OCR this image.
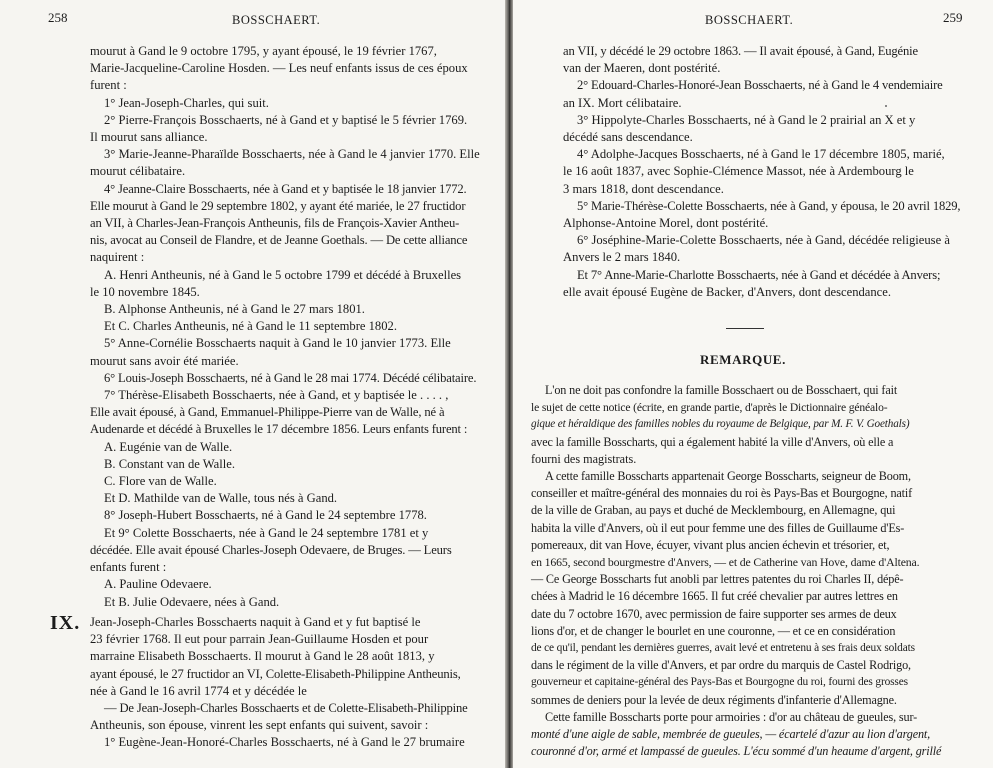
258	BOSSCHAERT.

mourut à Gand le 9 octobre 1795, y ayant épousé, le 19 février 1767,

Marie-Jacqueline-Caroline Hosden. — Les neuf enfants issus de ces époux

furent :

1° Jean-Joseph-Charles, qui suit.

2° Pierre-François Bosschaerts, né à Gand et y baptisé le 5 février 1769.

Il mourut sans alliance.

3° Marie-Jeanne-Pharaïlde Bosschaerts, née à Gand le 4 janvier 1770. Elle

mourut célibataire.

4° Jeanne-Claire Bosschaerts, née à Gand et y baptisée le 18 janvier 1772.

Elle mourut à Gand le 29 septembre 1802, y ayant été mariée, le 27 fructidor

an VII, à Charles-Jean-François Antheunis, fils de François-Xavier Antheu-

nis, avocat au Conseil de Flandre, et de Jeanne Goethals. — De cette alliance

naquirent :

A. Henri Antheunis, né à Gand le 5 octobre 1799 et décédé à Bruxelles

le 10 novembre 1845.

B. Alphonse Antheunis, né à Gand le 27 mars 1801.

Et C. Charles Antheunis, né à Gand le 11 septembre 1802.

5° Anne-Cornélie Bosschaerts naquit à Gand le 10 janvier 1773. Elle

mourut sans avoir été mariée.

6° Louis-Joseph Bosschaerts, né à Gand le 28 mai 1774. Décédé célibataire.

7° Thérèse-Elisabeth Bosschaerts, née à Gand, et y baptisée le . . . . ,

Elle avait épousé, à Gand, Emmanuel-Philippe-Pierre van de Walle, né à

Audenarde et décédé à Bruxelles le 17 décembre 1856. Leurs enfants furent :

A. Eugénie van de Walle.

B. Constant van de Walle.

C. Flore van de Walle.

Et D. Mathilde van de Walle, tous nés à Gand.

8° Joseph-Hubert Bosschaerts, né à Gand le 24 septembre 1778.

Et 9° Colette Bosschaerts, née à Gand le 24 septembre 1781 et y

décédée. Elle avait épousé Charles-Joseph Odevaere, de Bruges. — Leurs

enfants furent :

A. Pauline Odevaere.

Et B. Julie Odevaere, nées à Gand.

IX. Jean-Joseph-Charles Bosschaerts naquit à Gand et y fut baptisé le

23 février 1768. Il eut pour parrain Jean-Guillaume Hosden et pour

marraine Elisabeth Bosschaerts. Il mourut à Gand le 28 août 1813, y

ayant épousé, le 27 fructidor an VI, Colette-Elisabeth-Philippine Antheunis,

née à Gand le 16 avril 1774 et y décédée le

— De Jean-Joseph-Charles Bosschaerts et de Colette-Elisabeth-Philippine

Antheunis, son épouse, vinrent les sept enfants qui suivent, savoir :

1° Eugène-Jean-Honoré-Charles Bosschaerts, né à Gand le 27 brumaire

BOSSCHAERT.	259

an VII, y décédé le 29 octobre 1863. — Il avait épousé, à Gand, Eugénie

van der Maeren, dont postérité.

2° Edouard-Charles-Honoré-Jean Bosschaerts, né à Gand le 4 vendemiaire

an IX. Mort célibataire.

3° Hippolyte-Charles Bosschaerts, né à Gand le 2 prairial an X et y

décédé sans descendance.

4° Adolphe-Jacques Bosschaerts, né à Gand le 17 décembre 1805, marié,

le 16 août 1837, avec Sophie-Clémence Massot, née à Ardembourg le

3 mars 1818, dont descendance.

5° Marie-Thérèse-Colette Bosschaerts, née à Gand, y épousa, le 20 avril 1829,

Alphonse-Antoine Morel, dont postérité.

6° Joséphine-Marie-Colette Bosschaerts, née à Gand, décédée religieuse à

Anvers le 2 mars 1840.

Et 7° Anne-Marie-Charlotte Bosschaerts, née à Gand et décédée à Anvers;

elle avait épousé Eugène de Backer, d'Anvers, dont descendance.

REMARQUE.

L'on ne doit pas confondre la famille Bosschaert ou de Bosschaert, qui fait

le sujet de cette notice (écrite, en grande partie, d'après le Dictionnaire généalo-

gique et héraldique des familles nobles du royaume de Belgique, par M. F. V. Goethals)

avec la famille Bosscharts, qui a également habité la ville d'Anvers, où elle a

fourni des magistrats.

A cette famille Bosscharts appartenait George Bosscharts, seigneur de Boom,

conseiller et maître-général des monnaies du roi ès Pays-Bas et Bourgogne, natif

de la ville de Graban, au pays et duché de Mecklembourg, en Allemagne, qui

habita la ville d'Anvers, où il eut pour femme une des filles de Guillaume d'Es-

pomereaux, dit van Hove, écuyer, vivant plus ancien échevin et trésorier, et,

en 1665, second bourgmestre d'Anvers, — et de Catherine van Hove, dame d'Altena.

— Ce George Bosscharts fut anobli par lettres patentes du roi Charles II, dépê-

chées à Madrid le 16 décembre 1665. Il fut créé chevalier par autres lettres en

date du 7 octobre 1670, avec permission de faire supporter ses armes de deux

lions d'or, et de changer le bourlet en une couronne, — et ce en considération

de ce qu'il, pendant les dernières guerres, avait levé et entretenu à ses frais deux soldats

dans le régiment de la ville d'Anvers, et par ordre du marquis de Castel Rodrigo,

gouverneur et capitaine-général des Pays-Bas et Bourgogne du roi, fourni des grosses

sommes de deniers pour la levée de deux régiments d'infanterie d'Allemagne.

Cette famille Bosscharts porte pour armoiries : d'or au château de gueules, sur-

monté d'une aigle de sable, membrée de gueules, — écartelé d'azur au lion d'argent,

couronné d'or, armé et lampassé de gueules. L'écu sommé d'un heaume d'argent, grillé
